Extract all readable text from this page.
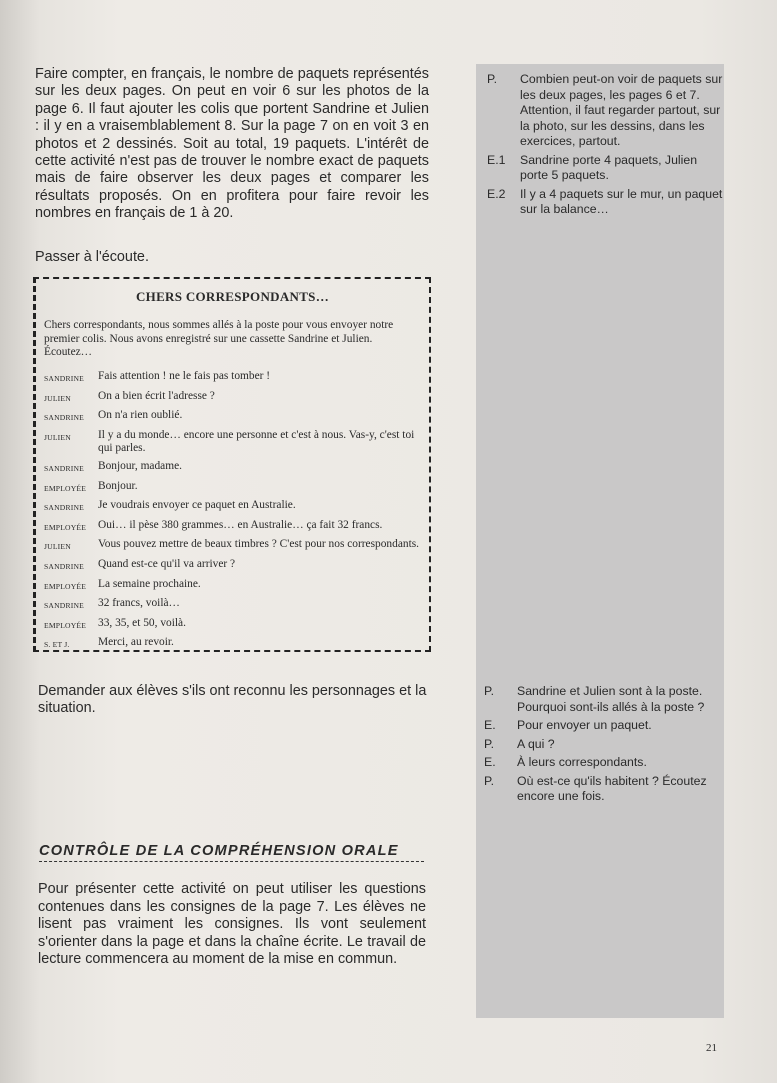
Faire compter, en français, le nombre de paquets représentés sur les deux pages. On peut en voir 6 sur les photos de la page 6. Il faut ajouter les colis que portent Sandrine et Julien : il y en a vraisemblablement 8. Sur la page 7 on en voit 3 en photos et 2 dessinés. Soit au total, 19 paquets. L'intérêt de cette activité n'est pas de trouver le nombre exact de paquets mais de faire observer les deux pages et comparer les résultats proposés. On en profitera pour faire revoir les nombres en français de 1 à 20.

Passer à l'écoute.

CHERS CORRESPONDANTS…

Chers correspondants, nous sommes allés à la poste pour vous envoyer notre premier colis. Nous avons enregistré sur une cassette Sandrine et Julien. Écoutez…

SANDRINE	Fais attention ! ne le fais pas tomber !
JULIEN	On a bien écrit l'adresse ?
SANDRINE	On n'a rien oublié.
JULIEN	Il y a du monde… encore une personne et c'est à nous. Vas-y, c'est toi qui parles.
SANDRINE	Bonjour, madame.
EMPLOYÉE	Bonjour.
SANDRINE	Je voudrais envoyer ce paquet en Australie.
EMPLOYÉE	Oui… il pèse 380 grammes… en Australie… ça fait 32 francs.
JULIEN	Vous pouvez mettre de beaux timbres ? C'est pour nos correspondants.
SANDRINE	Quand est-ce qu'il va arriver ?
EMPLOYÉE	La semaine prochaine.
SANDRINE	32 francs, voilà…
EMPLOYÉE	33, 35, et 50, voilà.
S. ET J.	Merci, au revoir.

Demander aux élèves s'ils ont reconnu les personnages et la situation.

CONTRÔLE DE LA COMPRÉHENSION ORALE

Pour présenter cette activité on peut utiliser les questions contenues dans les consignes de la page 7. Les élèves ne lisent pas vraiment les consignes. Ils vont seulement s'orienter dans la page et dans la chaîne écrite. Le travail de lecture commencera au moment de la mise en commun.

P.	Combien peut-on voir de paquets sur les deux pages, les pages 6 et 7. Attention, il faut regarder partout, sur la photo, sur les dessins, dans les exercices, partout.
E.1	Sandrine porte 4 paquets, Julien porte 5 paquets.
E.2	Il y a 4 paquets sur le mur, un paquet sur la balance…
P.	Sandrine et Julien sont à la poste. Pourquoi sont-ils allés à la poste ?
E.	Pour envoyer un paquet.
P.	A qui ?
E.	À leurs correspondants.
P.	Où est-ce qu'ils habitent ? Écoutez encore une fois.
21
